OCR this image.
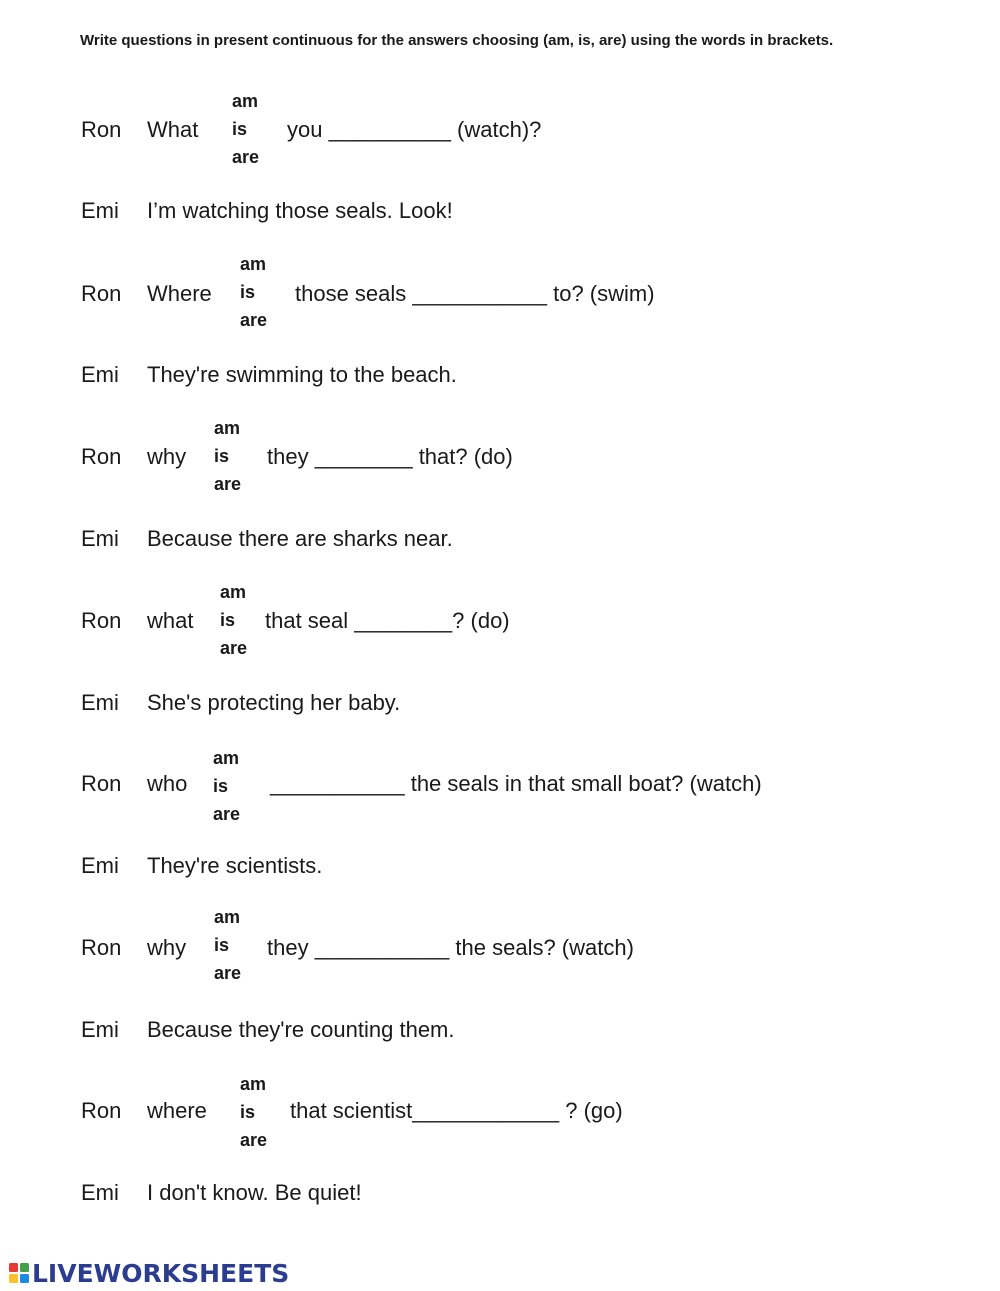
Write questions in present continuous for the answers choosing (am, is, are) using the words in brackets.
Ron What	you __________ (watch)?
am
is
are
Emi I’m watching those seals. Look!
Ron Where	those seals ___________ to? (swim)
am
is
are
Emi They're swimming to the beach.
Ron why	they ________ that? (do)
am
is
are
Emi Because there are sharks near.
Ron what	that seal ________? (do)
am
is
are
Emi She's protecting her baby.
Ron who	___________ the seals in that small boat? (watch)
am
is
are
Emi They're scientists.
Ron why	they ___________ the seals? (watch)
am
is
are
Emi Because they're counting them.
Ron where	that scientist____________ ? (go)
am
is
are
Emi I don't know. Be quiet!
LIVEWORKSHEETS
